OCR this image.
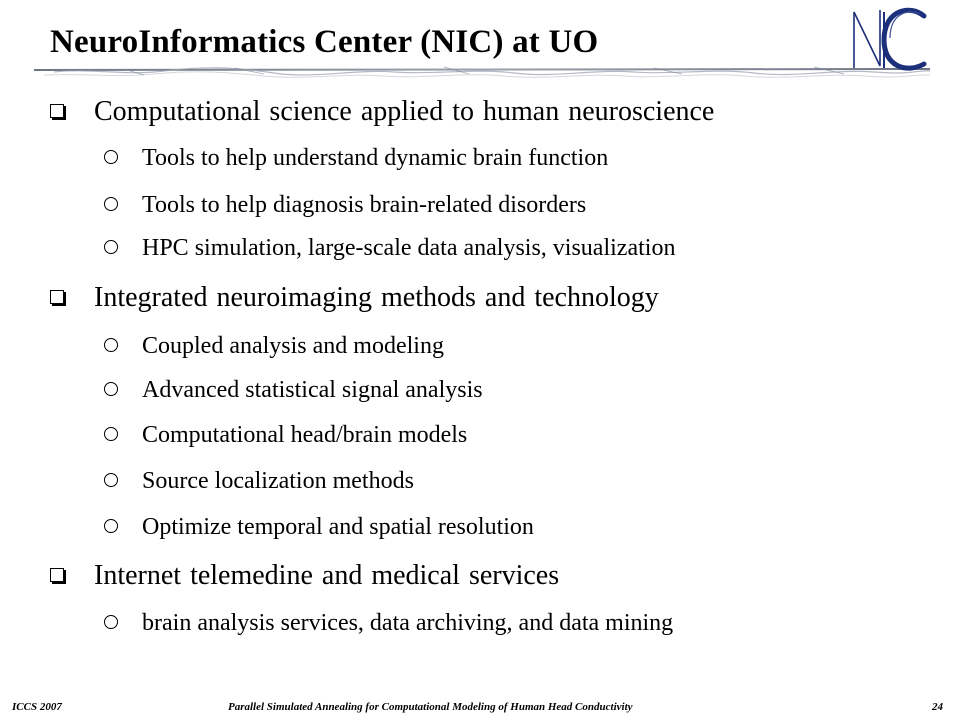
NeuroInformatics Center (NIC) at UO
Computational science applied to human neuroscience
Tools to help understand dynamic brain function
Tools to help diagnosis brain-related disorders
HPC simulation, large-scale data analysis, visualization
Integrated neuroimaging methods and technology
Coupled analysis and modeling
Advanced statistical signal analysis
Computational head/brain models
Source localization methods
Optimize temporal and spatial resolution
Internet telemedine and medical services
brain analysis services, data archiving, and data mining
ICCS 2007	Parallel Simulated Annealing for Computational Modeling of Human Head Conductivity	24
